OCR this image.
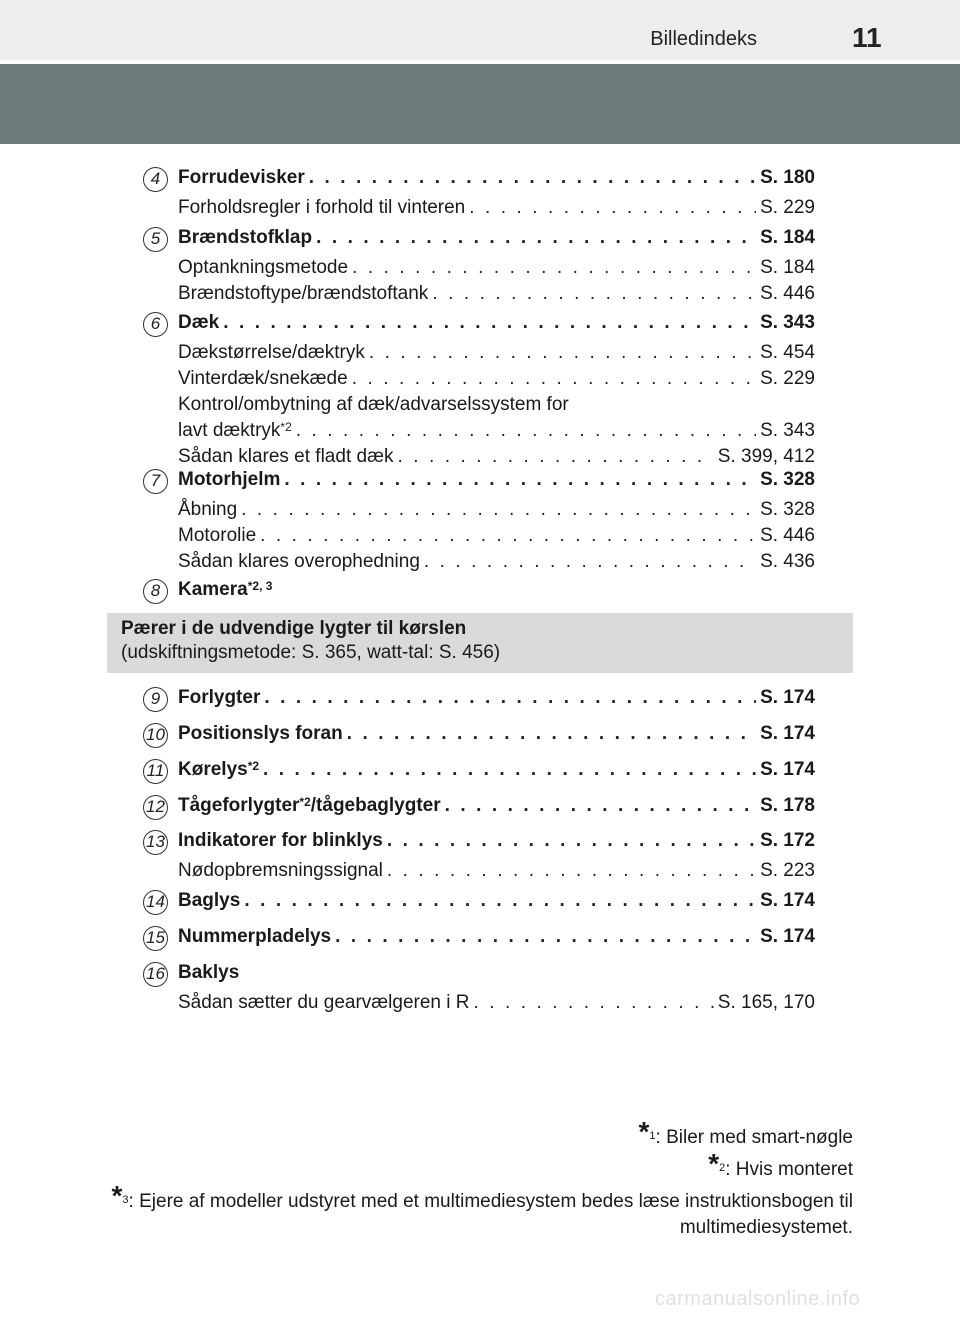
Billedindeks	11
4 Forrudevisker . . .	S. 180
Forholdsregler i forhold til vinteren . . .	S. 229
5 Brændstofklap . . .	S. 184
Optankningsmetode . . .	S. 184
Brændstoftype/brændstoftank . . .	S. 446
6 Dæk . . .	S. 343
Dækstørrelse/dæktryk . . .	S. 454
Vinterdæk/snekæde . . .	S. 229
Kontrol/ombytning af dæk/advarselssystem for
lavt dæktryk$^{*2}$ . . .	S. 343
Sådan klares et fladt dæk . . .	S. 399, 412
7 Motorhjelm . . .	S. 328
Åbning . . .	S. 328
Motorolie . . .	S. 446
Sådan klares overophedning . . .	S. 436
8 Kamera$^{*2, 3}$
9 Forlygter . . .	S. 174
10 Positionslys foran . . .	S. 174
11 Kørelys$^{*2}$ . . .	S. 174
12 Tågeforlygter$^{*2}$/tågebaglygter . . .	S. 178
13 Indikatorer for blinklys . . .	S. 172
Nødopbremsningssignal . . .	S. 223
14 Baglys . . .	S. 174
15 Nummerpladelys . . .	S. 174
16 Baklys
Sådan sætter du gearvælgeren i R . . .	S. 165, 170
Pærer i de udvendige lygter til kørslen
(udskiftningsmetode: S. 365, watt-tal: S. 456)
*$^1$: Biler med smart-nøgle
*$^2$: Hvis monteret
*$^3$: Ejere af modeller udstyret med et multimediesystem bedes læse instruktionsbogen til multimediesystemet.
carmanualsonline.info
